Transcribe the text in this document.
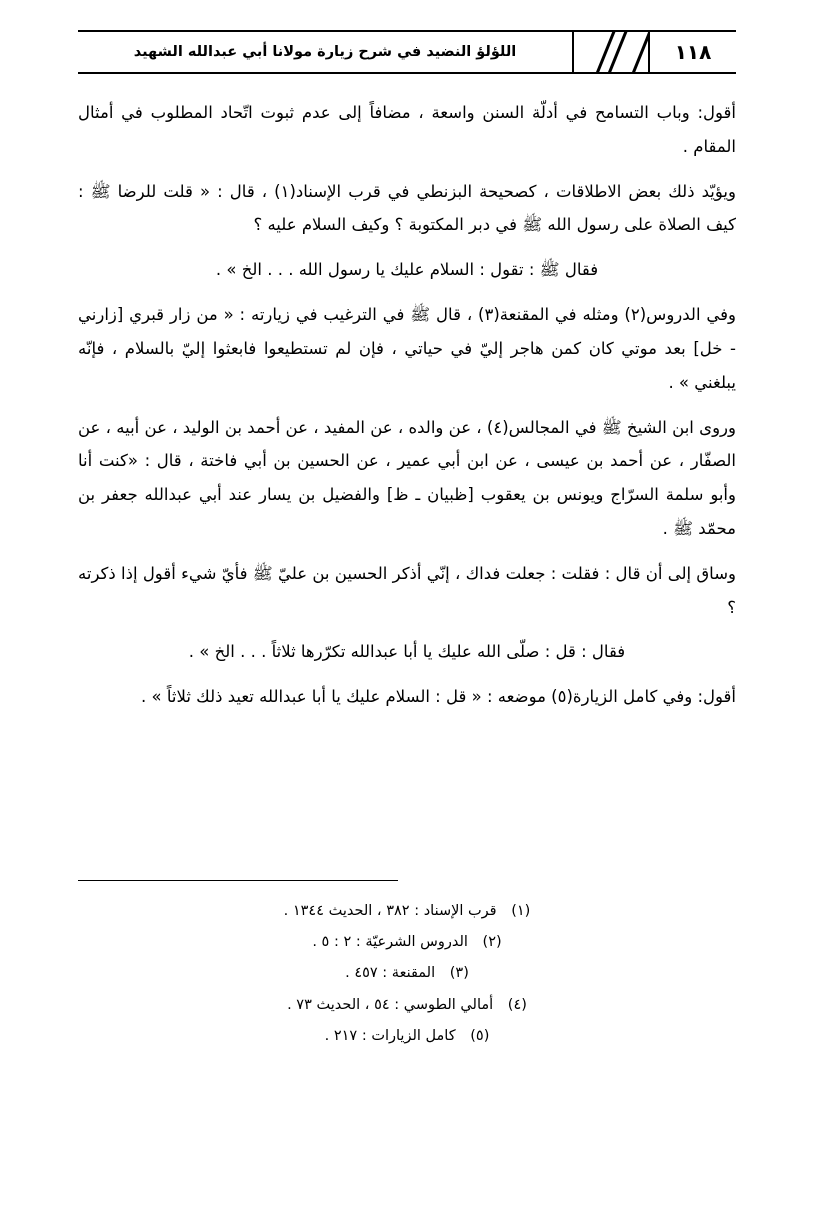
اللؤلؤ النضيد في شرح زيارة مولانا أبي عبدالله الشهيد	١١٨

أقول: وباب التسامح في أدلّة السنن واسعة ، مضافاً إلى عدم ثبوت اتّحاد المطلوب في أمثال المقام .

ويؤيّد ذلك بعض الاطلاقات ، كصحيحة البزنطي في قرب الإسناد(١) ، قال : « قلت للرضا ﷺ : كيف الصلاة على رسول الله ﷺ في دبر المكتوبة ؟ وكيف السلام عليه ؟

فقال ﷺ : تقول : السلام عليك يا رسول الله . . . الخ » .

وفي الدروس(٢) ومثله في المقنعة(٣) ، قال ﷺ في الترغيب في زيارته : « من زار قبري [زارني - خل] بعد موتي كان كمن هاجر إليّ في حياتي ، فإن لم تستطيعوا فابعثوا إليّ بالسلام ، فإنّه يبلغني » .

وروى ابن الشيخ ﷺ في المجالس(٤) ، عن والده ، عن المفيد ، عن أحمد بن الوليد ، عن أبيه ، عن الصفّار ، عن أحمد بن عيسى ، عن ابن أبي عمير ، عن الحسين بن أبي فاختة ، قال : «كنت أنا وأبو سلمة السرّاج ويونس بن يعقوب [ظبيان ـ ظ] والفضيل بن يسار عند أبي عبدالله جعفر بن محمّد ﷺ .

وساق إلى أن قال : فقلت : جعلت فداك ، إنّي أذكر الحسين بن عليّ ﷺ فأيّ شيء أقول إذا ذكرته ؟

فقال : قل : صلّى الله عليك يا أبا عبدالله تكرّرها ثلاثاً . . . الخ » .

أقول: وفي كامل الزيارة(٥) موضعه : « قل : السلام عليك يا أبا عبدالله تعيد ذلك ثلاثاً » .

(١) قرب الإسناد : ٣٨٢ ، الحديث ١٣٤٤ .
(٢) الدروس الشرعيّة : ٢ : ٥ .
(٣) المقنعة : ٤٥٧ .
(٤) أمالي الطوسي : ٥٤ ، الحديث ٧٣ .
(٥) كامل الزيارات : ٢١٧ .
